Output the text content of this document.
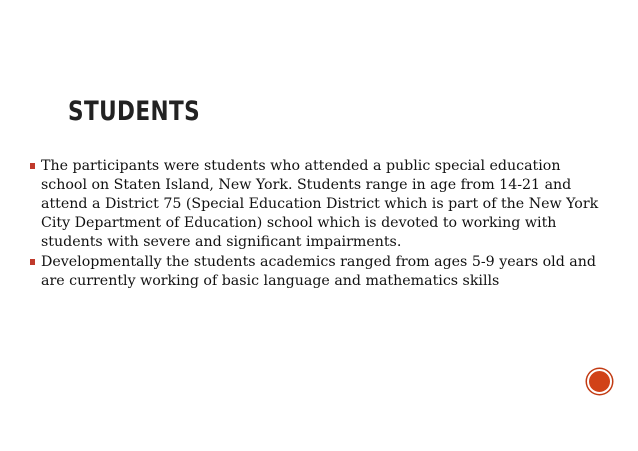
STUDENTS
The participants were students who attended a public special education school on Staten Island, New York. Students range in age from 14-21 and attend a District 75 (Special Education District which is part of the New York City Department of Education) school which is devoted to working with students with severe and significant impairments.
Developmentally the students academics ranged from ages 5-9 years old and are currently working of basic language and mathematics skills
